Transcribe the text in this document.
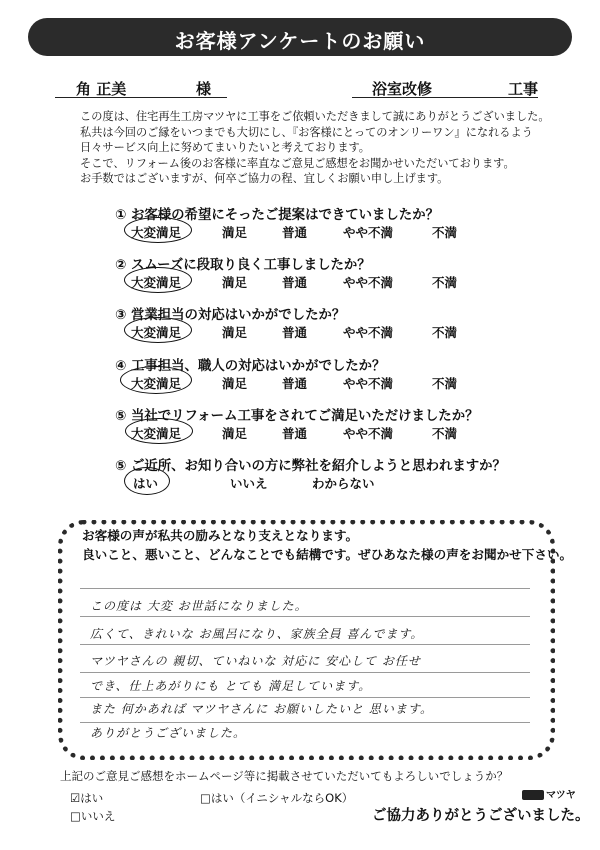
お客様アンケートのお願い
角 正美	様	浴室改修	工事
この度は、住宅再生工房マツヤに工事をご依頼いただきまして誠にありがとうございました。
私共は今回のご縁をいつまでも大切にし、『お客様にとってのオンリーワン』になれるよう
日々サービス向上に努めてまいりたいと考えております。
そこで、リフォーム後のお客様に率直なご意見ご感想をお聞かせいただいております。
お手数ではございますが、何卒ご協力の程、宜しくお願い申し上げます。
① お客様の希望にそったご提案はできていましたか？
大変満足	満足	普通	やや不満	不満
② スムーズに段取り良く工事しましたか？
大変満足	満足	普通	やや不満	不満
③ 営業担当の対応はいかがでしたか？
大変満足	満足	普通	やや不満	不満
④ 工事担当、職人の対応はいかがでしたか？
大変満足	満足	普通	やや不満	不満
⑤ 当社でリフォーム工事をされてご満足いただけましたか？
大変満足	満足	普通	やや不満	不満
⑤ ご近所、お知り合いの方に弊社を紹介しようと思われますか？
はい	いいえ	わからない
お客様の声が私共の励みとなり支えとなります。
良いこと、悪いこと、どんなことでも結構です。ぜひあなた様の声をお聞かせ下さい。
この度は 大変 お世話になりました。
広くて、きれいな お風呂になり、家族全員 喜んでます。
マツヤさんの 親切、ていねいな 対応に 安心して お任せ
でき、仕上あがりにも とても 満足しています。
また 何かあれば マツヤさんに お願いしたいと 思います。
ありがとうございました。
上記のご意見ご感想をホームページ等に掲載させていただいてもよろしいでしょうか？
☑はい	□はい（イニシャルならOK）
□いいえ
マツヤ
ご協力ありがとうございました。
